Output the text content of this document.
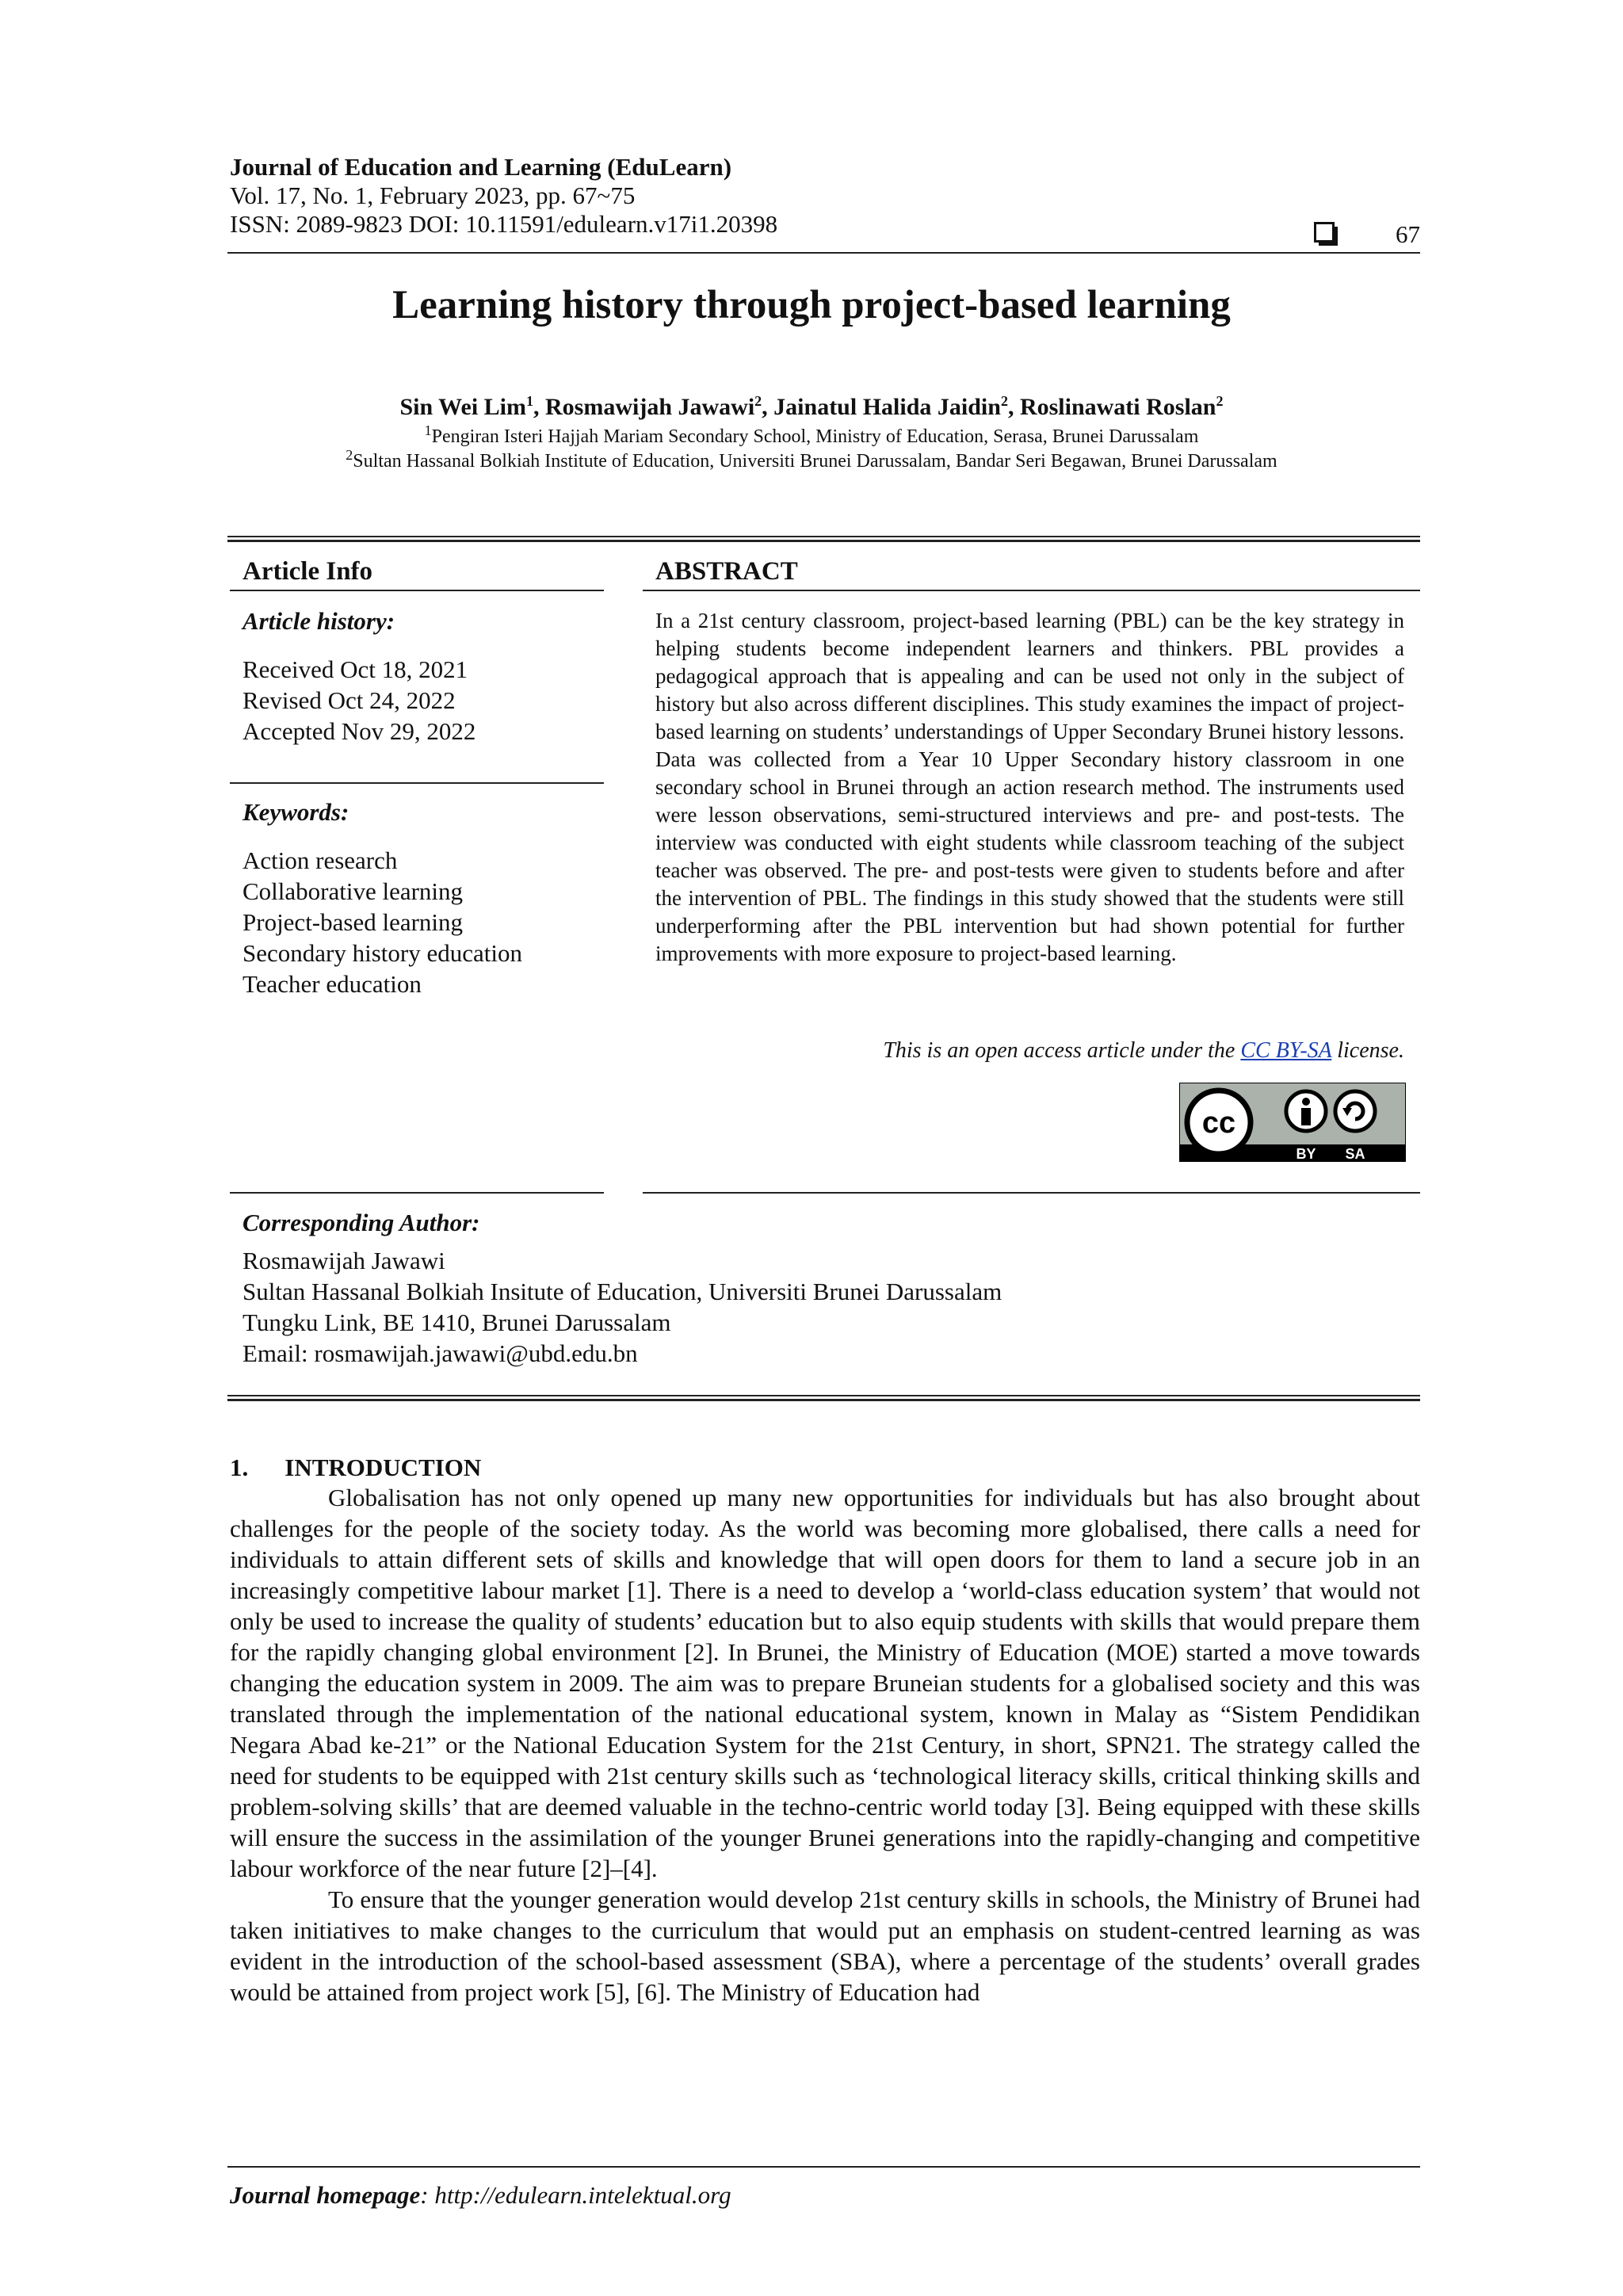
Journal of Education and Learning (EduLearn)
Vol. 17, No. 1, February 2023, pp. 67~75
ISSN: 2089-9823 DOI: 10.11591/edulearn.v17i1.20398	67
Learning history through project-based learning
Sin Wei Lim$^1$, Rosmawijah Jawawi$^2$, Jainatul Halida Jaidin$^2$, Roslinawati Roslan$^2$
$^1$Pengiran Isteri Hajjah Mariam Secondary School, Ministry of Education, Serasa, Brunei Darussalam
$^2$Sultan Hassanal Bolkiah Institute of Education, Universiti Brunei Darussalam, Bandar Seri Begawan, Brunei Darussalam
Article Info
Article history:
Received Oct 18, 2021
Revised Oct 24, 2022
Accepted Nov 29, 2022
Keywords:
Action research
Collaborative learning
Project-based learning
Secondary history education
Teacher education
ABSTRACT
In a 21st century classroom, project-based learning (PBL) can be the key strategy in helping students become independent learners and thinkers. PBL provides a pedagogical approach that is appealing and can be used not only in the subject of history but also across different disciplines. This study examines the impact of project-based learning on students’ understandings of Upper Secondary Brunei history lessons. Data was collected from a Year 10 Upper Secondary history classroom in one secondary school in Brunei through an action research method. The instruments used were lesson observations, semi-structured interviews and pre- and post-tests. The interview was conducted with eight students while classroom teaching of the subject teacher was observed. The pre- and post-tests were given to students before and after the intervention of PBL. The findings in this study showed that the students were still underperforming after the PBL intervention but had shown potential for further improvements with more exposure to project-based learning.
This is an open access article under the CC BY-SA license.
cc
BY SA
Corresponding Author:
Rosmawijah Jawawi
Sultan Hassanal Bolkiah Insitute of Education, Universiti Brunei Darussalam
Tungku Link, BE 1410, Brunei Darussalam
Email: rosmawijah.jawawi@ubd.edu.bn
1. INTRODUCTION

Globalisation has not only opened up many new opportunities for individuals but has also brought about challenges for the people of the society today. As the world was becoming more globalised, there calls a need for individuals to attain different sets of skills and knowledge that will open doors for them to land a secure job in an increasingly competitive labour market [1]. There is a need to develop a ‘world-class education system’ that would not only be used to increase the quality of students’ education but to also equip students with skills that would prepare them for the rapidly changing global environment [2]. In Brunei, the Ministry of Education (MOE) started a move towards changing the education system in 2009. The aim was to prepare Bruneian students for a globalised society and this was translated through the implementation of the national educational system, known in Malay as “Sistem Pendidikan Negara Abad ke-21” or the National Education System for the 21st Century, in short, SPN21. The strategy called the need for students to be equipped with 21st century skills such as ‘technological literacy skills, critical thinking skills and problem-solving skills’ that are deemed valuable in the techno-centric world today [3]. Being equipped with these skills will ensure the success in the assimilation of the younger Brunei generations into the rapidly-changing and competitive labour workforce of the near future [2]–[4].

To ensure that the younger generation would develop 21st century skills in schools, the Ministry of Brunei had taken initiatives to make changes to the curriculum that would put an emphasis on student-centred learning as was evident in the introduction of the school-based assessment (SBA), where a percentage of the students’ overall grades would be attained from project work [5], [6]. The Ministry of Education had

Journal homepage: http://edulearn.intelektual.org
